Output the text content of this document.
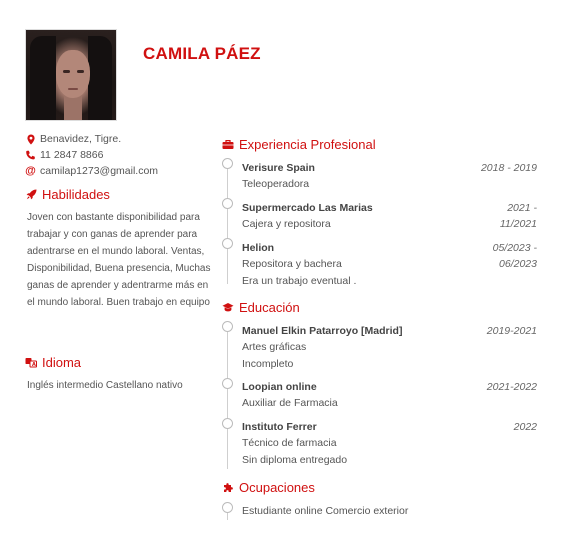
CAMILA PÁEZ
Benavidez, Tigre.
11 2847 8866
@ camilap1273@gmail.com
Habilidades
Joven con bastante disponibilidad para trabajar y con ganas de aprender para adentrarse en el mundo laboral. Ventas, Disponibilidad, Buena presencia, Muchas ganas de aprender y adentrarme más en el mundo laboral. Buen trabajo en equipo
A Idioma
Inglés intermedio Castellano nativo
Experiencia Profesional
Verisure Spain
Teleoperadora
2018 - 2019
Supermercado Las Marias
Cajera y repositora
2021 -
11/2021
Helion
Repositora y bachera
Era un trabajo eventual .
05/2023 -
06/2023
Educación
Manuel Elkin Patarroyo [Madrid]
Artes gráficas
Incompleto
2019-2021
Loopian online
Auxiliar de Farmacia
2021-2022
Instituto Ferrer
Técnico de farmacia
Sin diploma entregado
2022
Ocupaciones
Estudiante online Comercio exterior
